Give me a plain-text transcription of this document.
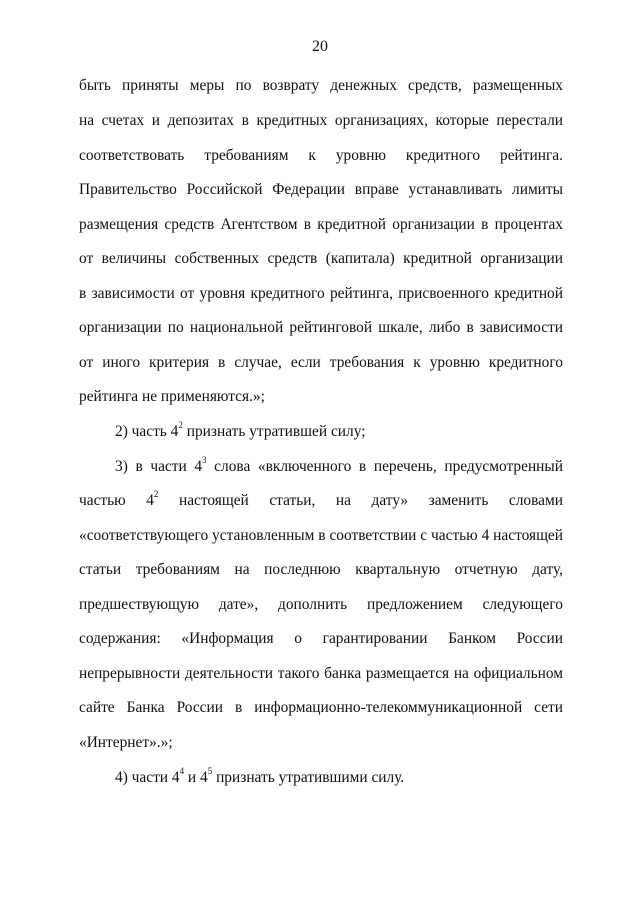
20
быть приняты меры по возврату денежных средств, размещенных
на счетах и депозитах в кредитных организациях, которые перестали
соответствовать требованиям к уровню кредитного рейтинга.
Правительство Российской Федерации вправе устанавливать лимиты
размещения средств Агентством в кредитной организации в процентах
от величины собственных средств (капитала) кредитной организации
в зависимости от уровня кредитного рейтинга, присвоенного кредитной
организации по национальной рейтинговой шкале, либо в зависимости
от иного критерия в случае, если требования к уровню кредитного
рейтинга не применяются.»;
2) часть $4^2$ признать утратившей силу;
3) в части $4^3$ слова «включенного в перечень, предусмотренный
частью $4^2$ настоящей статьи, на дату» заменить словами
«соответствующего установленным в соответствии с частью 4 настоящей
статьи требованиям на последнюю квартальную отчетную дату,
предшествующую дате», дополнить предложением следующего
содержания: «Информация о гарантировании Банком России
непрерывности деятельности такого банка размещается на официальном
сайте Банка России в информационно-телекоммуникационной сети
«Интернет».»;
4) части $4^4$ и $4^5$ признать утратившими силу.
